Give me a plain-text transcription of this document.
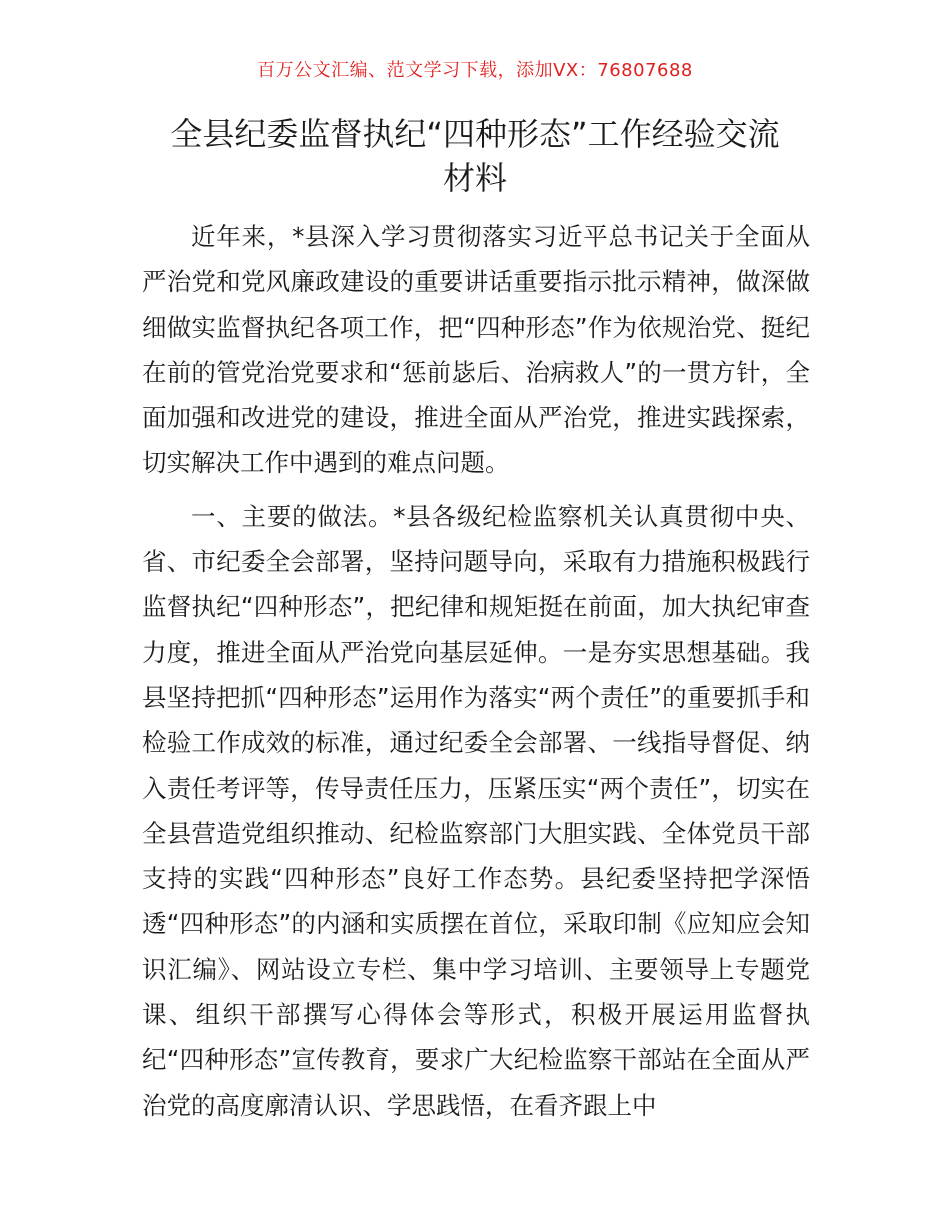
百万公文汇编、范文学习下载，添加VX：76807688
全县纪委监督执纪“四种形态”工作经验交流
材料

近年来，*县深入学习贯彻落实习近平总书记关于全面从严治党和党风廉政建设的重要讲话重要指示批示精神，做深做细做实监督执纪各项工作，把“四种形态”作为依规治党、挺纪在前的管党治党要求和“惩前毖后、治病救人”的一贯方针，全面加强和改进党的建设，推进全面从严治党，推进实践探索，切实解决工作中遇到的难点问题。

一、主要的做法。*县各级纪检监察机关认真贯彻中央、省、市纪委全会部署，坚持问题导向，采取有力措施积极践行监督执纪“四种形态”，把纪律和规矩挺在前面，加大执纪审查力度，推进全面从严治党向基层延伸。一是夯实思想基础。我县坚持把抓“四种形态”运用作为落实“两个责任”的重要抓手和检验工作成效的标准，通过纪委全会部署、一线指导督促、纳入责任考评等，传导责任压力，压紧压实“两个责任”，切实在全县营造党组织推动、纪检监察部门大胆实践、全体党员干部支持的实践“四种形态”良好工作态势。县纪委坚持把学深悟透“四种形态”的内涵和实质摆在首位，采取印制《应知应会知识汇编》、网站设立专栏、集中学习培训、主要领导上专题党课、组织干部撰写心得体会等形式，积极开展运用监督执纪“四种形态”宣传教育，要求广大纪检监察干部站在全面从严治党的高度廓清认识、学思践悟，在看齐跟上中
